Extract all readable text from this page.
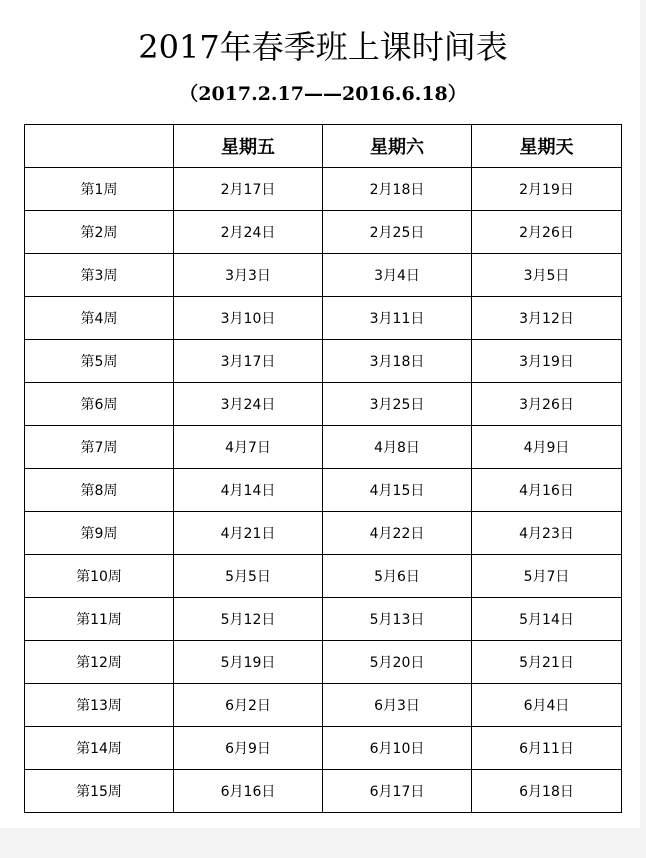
2017年春季班上课时间表
（2017.2.17——2016.6.18）
	星期五	星期六	星期天
第1周	2月17日	2月18日	2月19日
第2周	2月24日	2月25日	2月26日
第3周	3月3日	3月4日	3月5日
第4周	3月10日	3月11日	3月12日
第5周	3月17日	3月18日	3月19日
第6周	3月24日	3月25日	3月26日
第7周	4月7日	4月8日	4月9日
第8周	4月14日	4月15日	4月16日
第9周	4月21日	4月22日	4月23日
第10周	5月5日	5月6日	5月7日
第11周	5月12日	5月13日	5月14日
第12周	5月19日	5月20日	5月21日
第13周	6月2日	6月3日	6月4日
第14周	6月9日	6月10日	6月11日
第15周	6月16日	6月17日	6月18日
